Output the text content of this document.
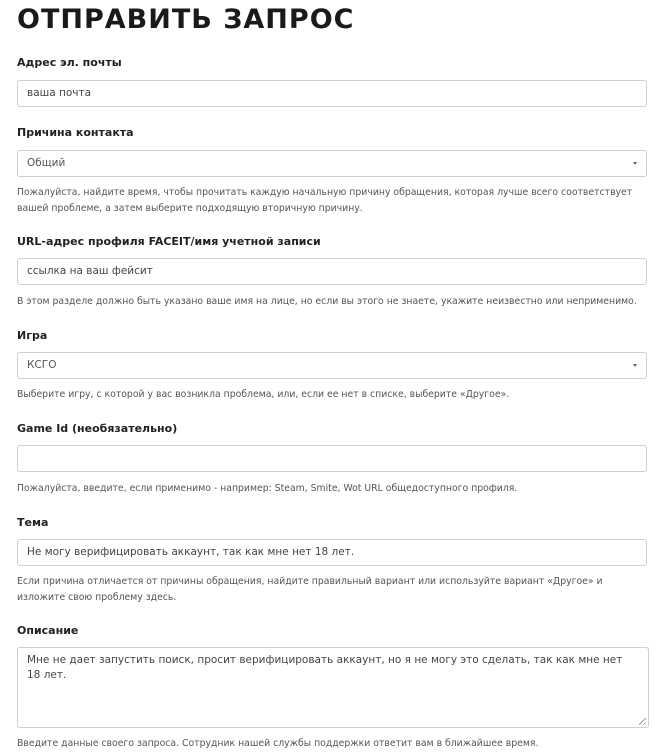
ОТПРАВИТЬ ЗАПРОС
Адрес эл. почты
ваша почта
Причина контакта
Общий
Пожалуйста, найдите время, чтобы прочитать каждую начальную причину обращения, которая лучше всего соответствует вашей проблеме, а затем выберите подходящую вторичную причину.
URL-адрес профиля FACEIT/имя учетной записи
ссылка на ваш фейсит
В этом разделе должно быть указано ваше имя на лице, но если вы этого не знаете, укажите неизвестно или неприменимо.
Игра
КСГО
Выберите игру, с которой у вас возникла проблема, или, если ее нет в списке, выберите «Другое».
Game Id (необязательно)
Пожалуйста, введите, если применимо - например: Steam, Smite, Wot URL общедоступного профиля.
Тема
Не могу верифицировать аккаунт, так как мне нет 18 лет.
Если причина отличается от причины обращения, найдите правильный вариант или используйте вариант «Другое» и изложите свою проблему здесь.
Описание
Мне не дает запустить поиск, просит верифицировать аккаунт, но я не могу это сделать, так как мне нет 18 лет.
Введите данные своего запроса. Сотрудник нашей службы поддержки ответит вам в ближайшее время.
